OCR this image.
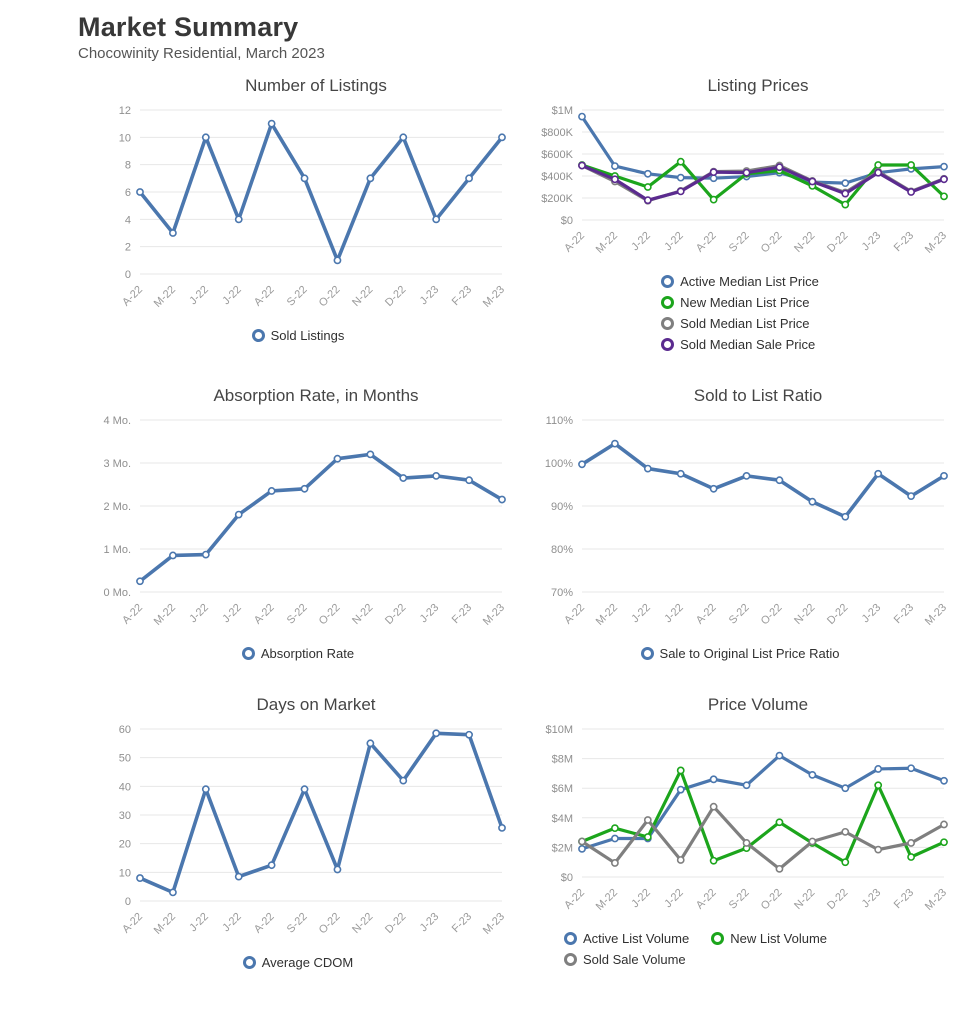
Market Summary
Chocowinity Residential, March 2023
Number of Listings
0
2
4
6
8
10
12
A-22 M-22 J-22 J-22 A-22 S-22 O-22 N-22 D-22 J-23 F-23 M-23
Sold Listings
Listing Prices
$0
$200K
$400K
$600K
$800K
$1M
A-22 M-22 J-22 J-22 A-22 S-22 O-22 N-22 D-22 J-23 F-23 M-23
Active Median List Price
New Median List Price
Sold Median List Price
Sold Median Sale Price
Absorption Rate, in Months
0 Mo.
1 Mo.
2 Mo.
3 Mo.
4 Mo.
A-22 M-22 J-22 J-22 A-22 S-22 O-22 N-22 D-22 J-23 F-23 M-23
Absorption Rate
Sold to List Ratio
70%
80%
90%
100%
110%
A-22 M-22 J-22 J-22 A-22 S-22 O-22 N-22 D-22 J-23 F-23 M-23
Sale to Original List Price Ratio
Days on Market
0
10
20
30
40
50
60
A-22 M-22 J-22 J-22 A-22 S-22 O-22 N-22 D-22 J-23 F-23 M-23
Average CDOM
Price Volume
$0
$2M
$4M
$6M
$8M
$10M
A-22 M-22 J-22 J-22 A-22 S-22 O-22 N-22 D-22 J-23 F-23 M-23
Active List Volume	New List Volume
Sold Sale Volume
